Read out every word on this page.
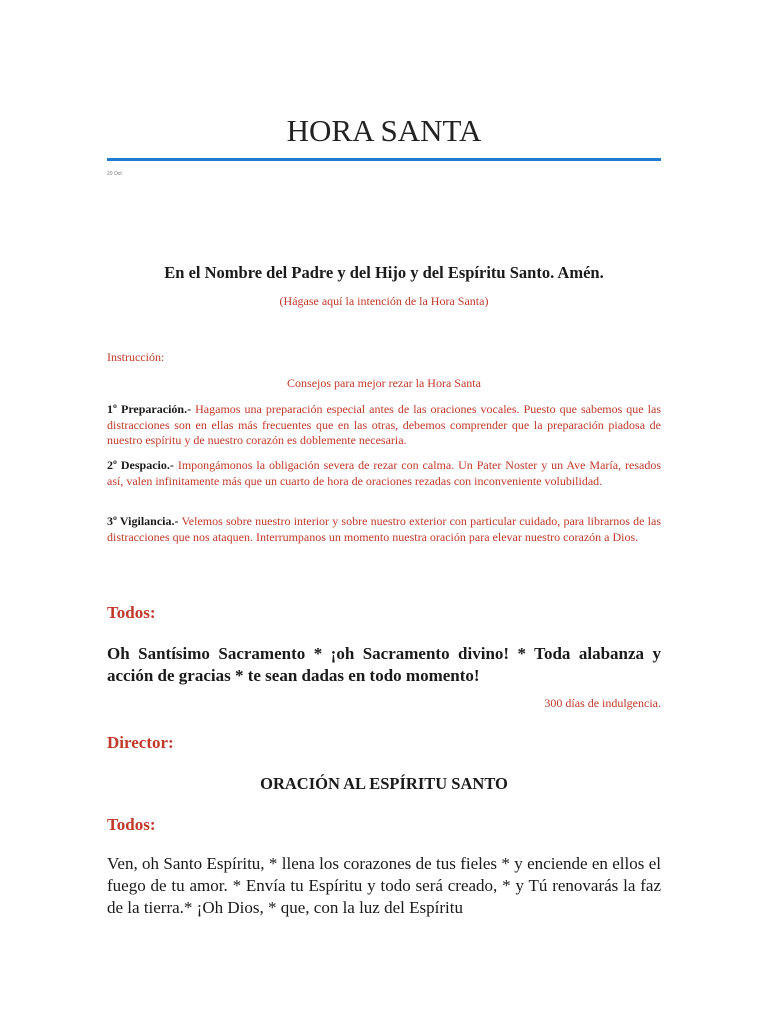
HORA SANTA
20 Oct
En el Nombre del Padre y del Hijo y del Espíritu Santo. Amén.
(Hágase aquí la intención de la Hora Santa)
Instrucción:
Consejos para mejor rezar la Hora Santa
1º Preparación.- Hagamos una preparación especial antes de las oraciones vocales. Puesto que sabemos que las distracciones son en ellas más frecuentes que en las otras, debemos comprender que la preparación piadosa de nuestro espíritu y de nuestro corazón es doblemente necesaria.
2º Despacio.- Impongámonos la obligación severa de rezar con calma. Un Pater Noster y un Ave María, resados así, valen infinitamente más que un cuarto de hora de oraciones rezadas con inconveniente volubilidad.
3º Vigilancia.- Velemos sobre nuestro interior y sobre nuestro exterior con particular cuidado, para librarnos de las distracciones que nos ataquen. Interrumpanos un momento nuestra oración para elevar nuestro corazón a Dios.
Todos:
Oh Santísimo Sacramento * ¡oh Sacramento divino! * Toda alabanza y acción de gracias * te sean dadas en todo momento!
300 días de indulgencia.
Director:
ORACIÓN AL ESPÍRITU SANTO
Todos:
Ven, oh Santo Espíritu, * llena los corazones de tus fieles * y enciende en ellos el fuego de tu amor. * Envía tu Espíritu y todo será creado, * y Tú renovarás la faz de la tierra.* ¡Oh Dios, * que, con la luz del Espíritu
